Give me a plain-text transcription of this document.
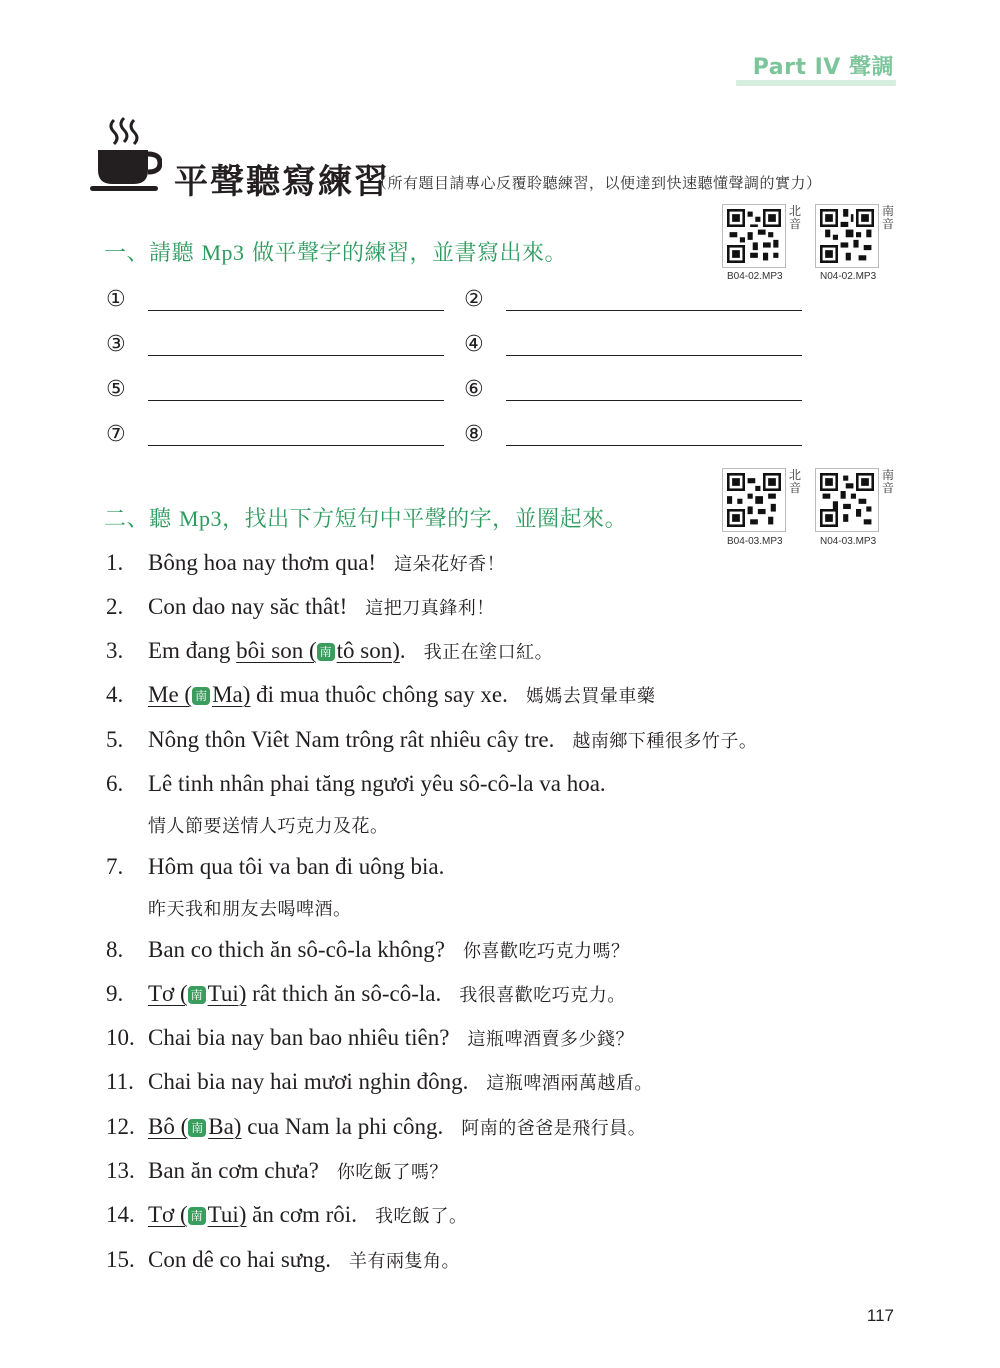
Part IV 聲調
平聲聽寫練習
（所有題目請專心反覆聆聽練習，以便達到快速聽懂聲調的實力）
北音
B04-02.MP3
南音
N04-02.MP3
一、請聽 Mp3 做平聲字的練習，並書寫出來。
①	②
③	④
⑤	⑥
⑦	⑧
北音
B04-03.MP3
南音
N04-03.MP3
二、聽 Mp3，找出下方短句中平聲的字，並圈起來。
1. Bông hoa nay thơm qua! 這朵花好香！
2. Con dao nay săc thât! 這把刀真鋒利！
3. Em đang bôi son ( 南 tô son). 我正在塗口紅。
4. Me ( 南 Ma) đi mua thuôc chông say xe. 媽媽去買暈車藥
5. Nông thôn Viêt Nam trông rât nhiêu cây tre. 越南鄉下種很多竹子。
6. Lê tinh nhân phai tăng ngươi yêu sô-cô-la va hoa.
情人節要送情人巧克力及花。
7. Hôm qua tôi va ban đi uông bia.
昨天我和朋友去喝啤酒。
8. Ban co thich ăn sô-cô-la không? 你喜歡吃巧克力嗎？
9. Tơ ( 南 Tui) rât thich ăn sô-cô-la. 我很喜歡吃巧克力。
10. Chai bia nay ban bao nhiêu tiên? 這瓶啤酒賣多少錢？
11. Chai bia nay hai mươi nghin đông. 這瓶啤酒兩萬越盾。
12. Bô ( 南 Ba) cua Nam la phi công. 阿南的爸爸是飛行員。
13. Ban ăn cơm chưa? 你吃飯了嗎？
14. Tơ ( 南 Tui) ăn cơm rôi. 我吃飯了。
15. Con dê co hai sưng. 羊有兩隻角。
117
